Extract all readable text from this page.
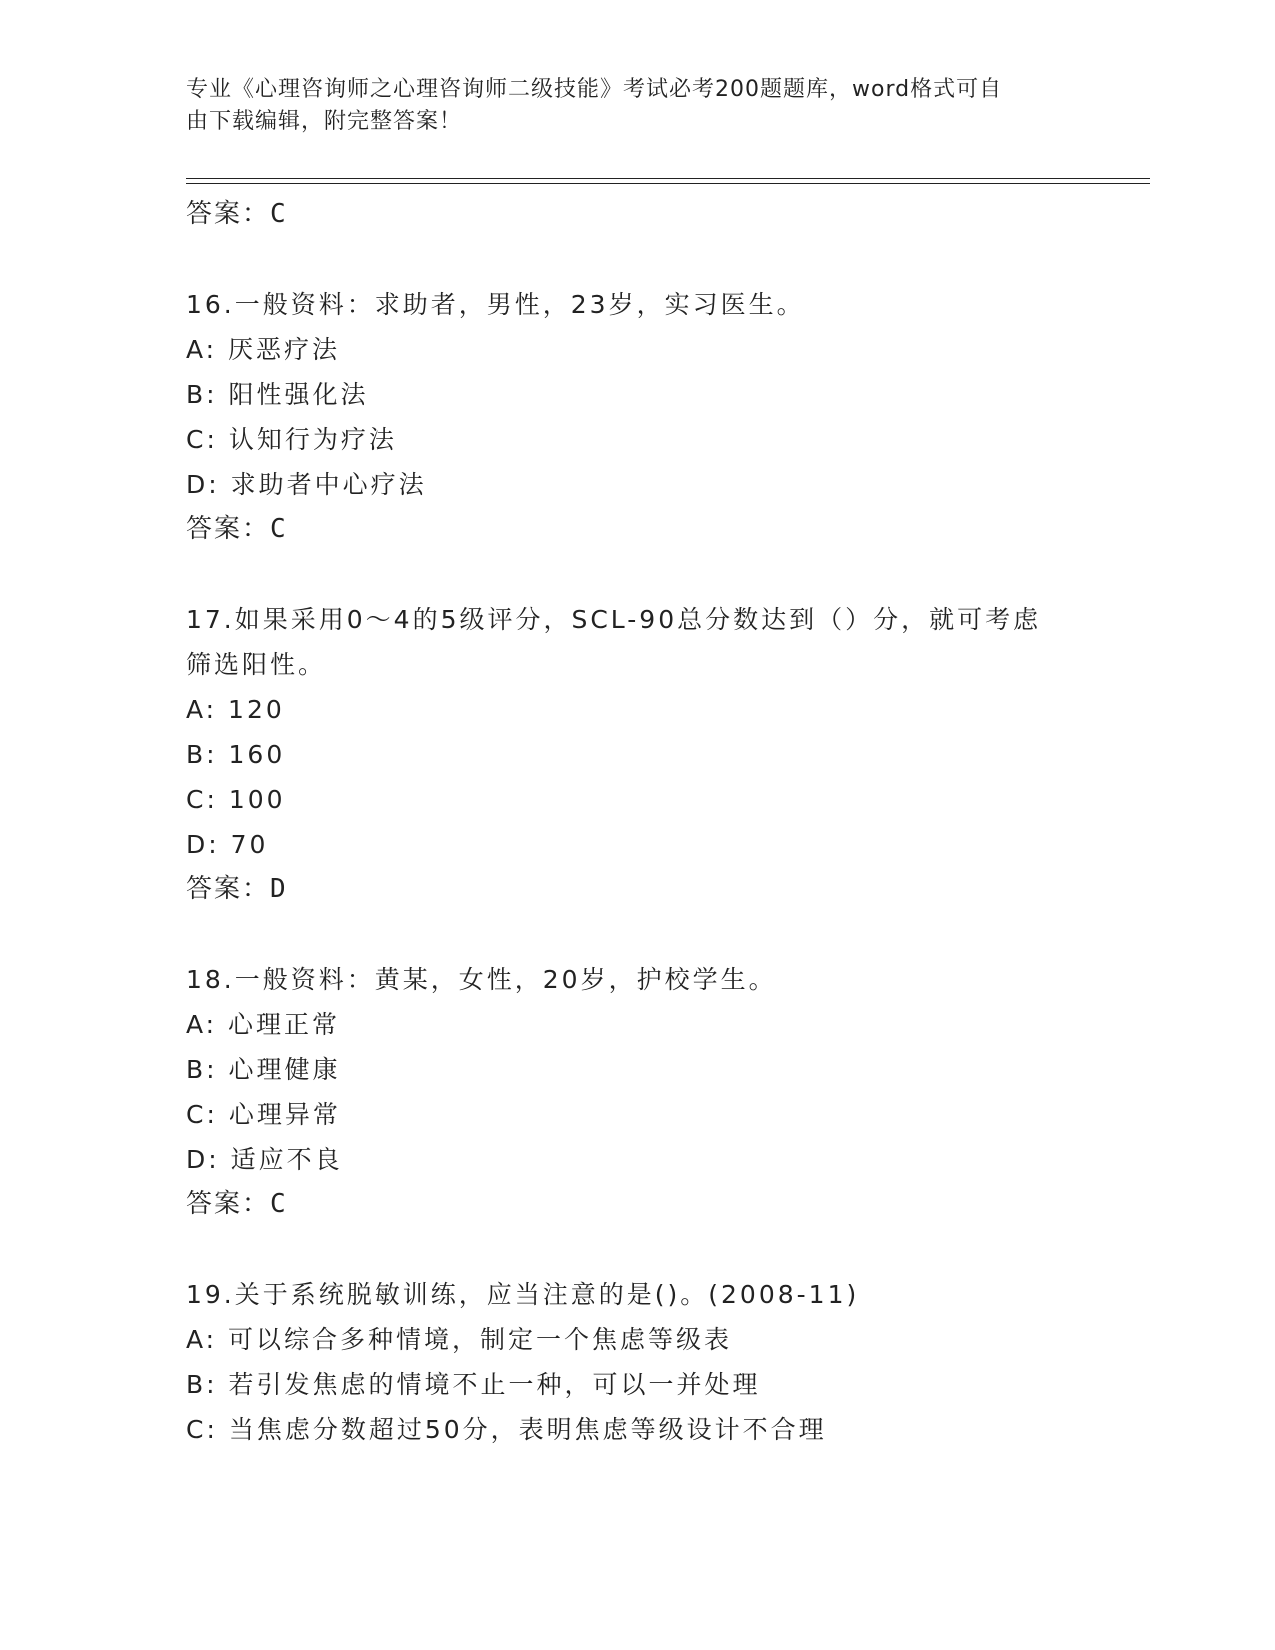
专业《心理咨询师之心理咨询师二级技能》考试必考200题题库，word格式可自
由下载编辑，附完整答案！
答案：C
16.一般资料：求助者，男性，23岁，实习医生。
A: 厌恶疗法
B: 阳性强化法
C: 认知行为疗法
D: 求助者中心疗法
答案：C
17.如果采用0～4的5级评分，SCL-90总分数达到（）分，就可考虑
筛选阳性。
A: 120
B: 160
C: 100
D: 70
答案：D
18.一般资料：黄某，女性，20岁，护校学生。
A: 心理正常
B: 心理健康
C: 心理异常
D: 适应不良
答案：C
19.关于系统脱敏训练，应当注意的是()。(2008-11)
A: 可以综合多种情境，制定一个焦虑等级表
B: 若引发焦虑的情境不止一种，可以一并处理
C: 当焦虑分数超过50分，表明焦虑等级设计不合理
